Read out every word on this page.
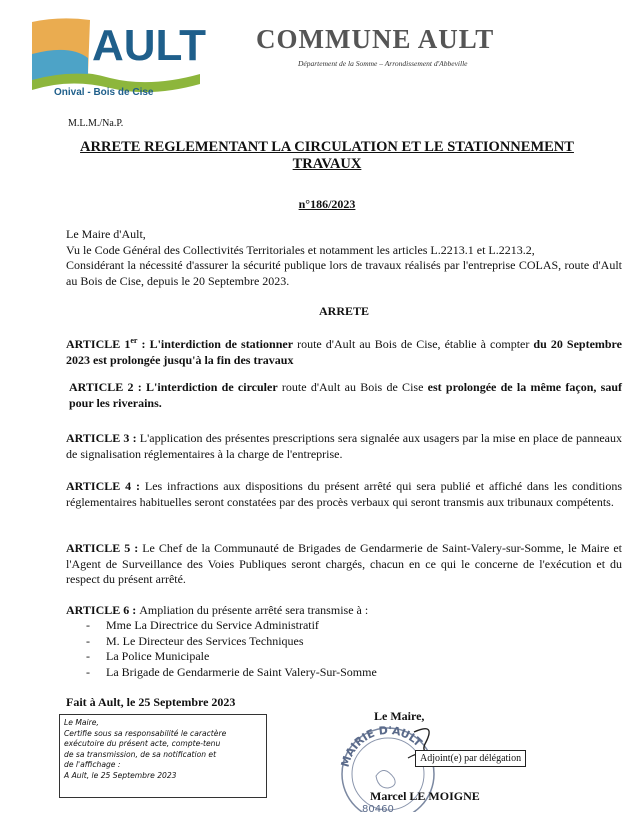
AULT
Onival - Bois de Cise
COMMUNE AULT
Département de la Somme – Arrondissement d'Abbeville
M.L.M./Na.P.
ARRETE REGLEMENTANT LA CIRCULATION ET LE STATIONNEMENT
TRAVAUX
n°186/2023
Le Maire d'Ault,
Vu le Code Général des Collectivités Territoriales et notamment les articles L.2213.1 et L.2213.2,
Considérant la nécessité d'assurer la sécurité publique lors de travaux réalisés par l'entreprise COLAS, route d'Ault au Bois de Cise, depuis le 20 Septembre 2023.
ARRETE
ARTICLE 1er : L'interdiction de stationner route d'Ault au Bois de Cise, établie à compter du 20 Septembre 2023 est prolongée jusqu'à la fin des travaux
ARTICLE 2 : L'interdiction de circuler route d'Ault au Bois de Cise est prolongée de la même façon, sauf pour les riverains.
ARTICLE 3 : L'application des présentes prescriptions sera signalée aux usagers par la mise en place de panneaux de signalisation réglementaires à la charge de l'entreprise.
ARTICLE 4 : Les infractions aux dispositions du présent arrêté qui sera publié et affiché dans les conditions réglementaires habituelles seront constatées par des procès verbaux qui seront transmis aux tribunaux compétents.
ARTICLE 5 : Le Chef de la Communauté de Brigades de Gendarmerie de Saint-Valery-sur-Somme, le Maire et l'Agent de Surveillance des Voies Publiques seront chargés, chacun en ce qui le concerne de l'exécution et du respect du présent arrêté.
ARTICLE 6 : Ampliation du présente arrêté sera transmise à :
-	Mme La Directrice du Service Administratif
-	M. Le Directeur des Services Techniques
-	La Police Municipale
-	La Brigade de Gendarmerie de Saint Valery-Sur-Somme
Fait à Ault, le 25 Septembre 2023
Le Maire,
Certifie sous sa responsabilité le caractère
exécutoire du présent acte, compte-tenu
de sa transmission, de sa notification et
de l'affichage :
A Ault, le 25 Septembre 2023
MAIRIE D'AULT
80460
Le Maire,
Adjoint(e) par délégation
Marcel LE MOIGNE
